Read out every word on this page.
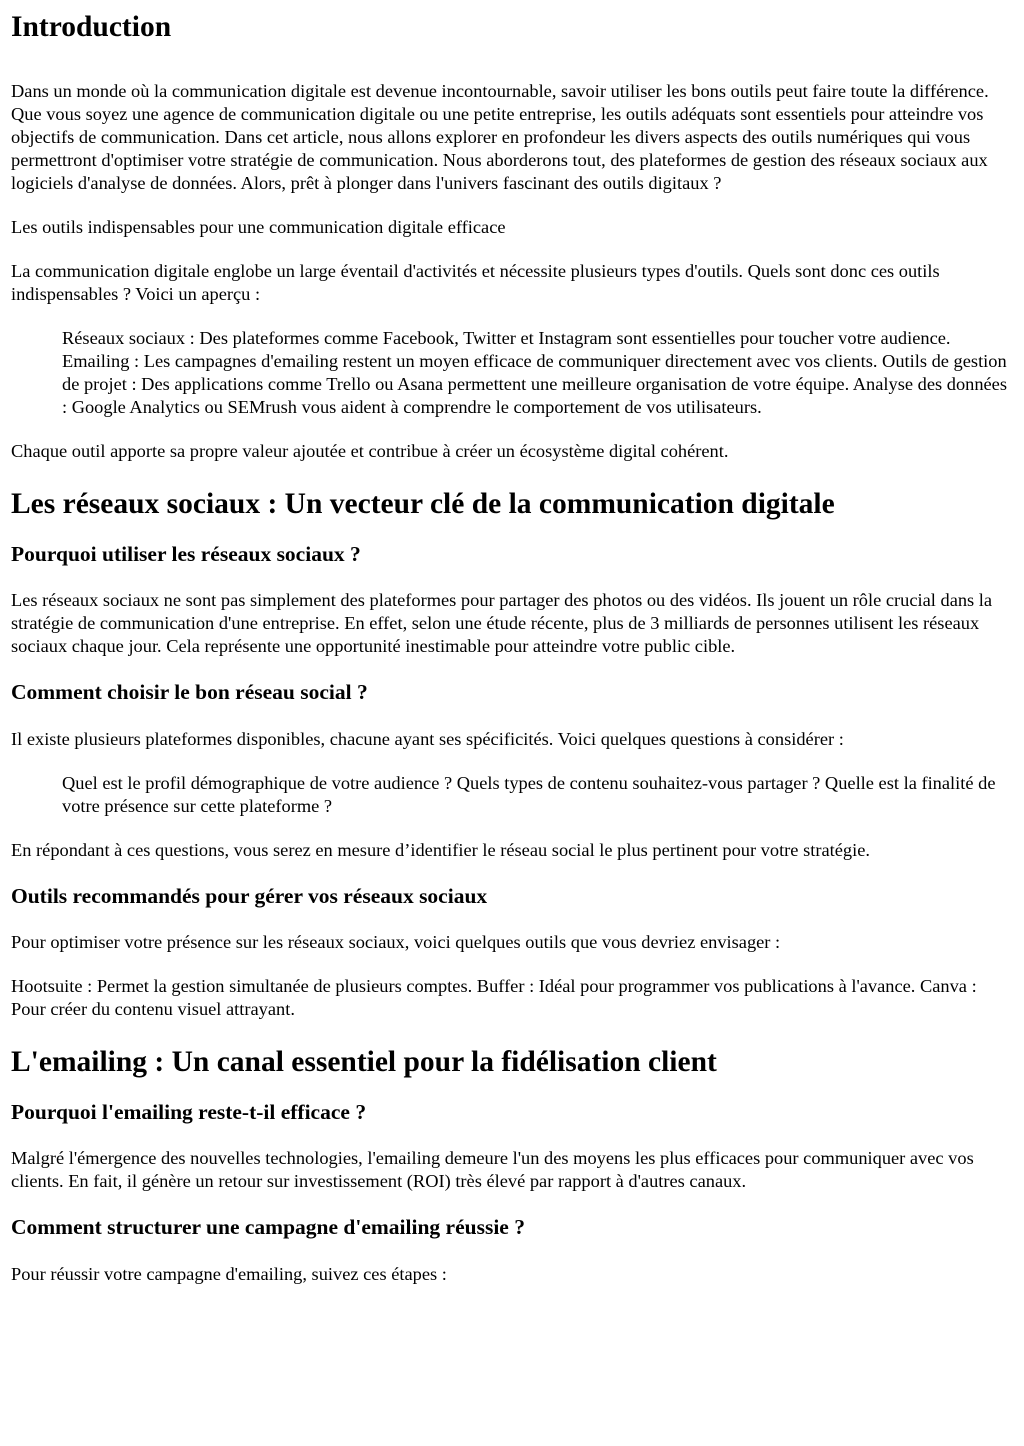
Introduction

Dans un monde où la communication digitale est devenue incontournable, savoir utiliser les bons outils peut faire toute la différence. Que vous soyez une agence de communication digitale ou une petite entreprise, les outils adéquats sont essentiels pour atteindre vos objectifs de communication. Dans cet article, nous allons explorer en profondeur les divers aspects des outils numériques qui vous permettront d'optimiser votre stratégie de communication. Nous aborderons tout, des plateformes de gestion des réseaux sociaux aux logiciels d'analyse de données. Alors, prêt à plonger dans l'univers fascinant des outils digitaux ?

Les outils indispensables pour une communication digitale efficace

La communication digitale englobe un large éventail d'activités et nécessite plusieurs types d'outils. Quels sont donc ces outils indispensables ? Voici un aperçu :

Réseaux sociaux : Des plateformes comme Facebook, Twitter et Instagram sont essentielles pour toucher votre audience. Emailing : Les campagnes d'emailing restent un moyen efficace de communiquer directement avec vos clients. Outils de gestion de projet : Des applications comme Trello ou Asana permettent une meilleure organisation de votre équipe. Analyse des données : Google Analytics ou SEMrush vous aident à comprendre le comportement de vos utilisateurs.

Chaque outil apporte sa propre valeur ajoutée et contribue à créer un écosystème digital cohérent.

Les réseaux sociaux : Un vecteur clé de la communication digitale
Pourquoi utiliser les réseaux sociaux ?

Les réseaux sociaux ne sont pas simplement des plateformes pour partager des photos ou des vidéos. Ils jouent un rôle crucial dans la stratégie de communication d'une entreprise. En effet, selon une étude récente, plus de 3 milliards de personnes utilisent les réseaux sociaux chaque jour. Cela représente une opportunité inestimable pour atteindre votre public cible.

Comment choisir le bon réseau social ?

Il existe plusieurs plateformes disponibles, chacune ayant ses spécificités. Voici quelques questions à considérer :

Quel est le profil démographique de votre audience ? Quels types de contenu souhaitez-vous partager ? Quelle est la finalité de votre présence sur cette plateforme ?

En répondant à ces questions, vous serez en mesure d’identifier le réseau social le plus pertinent pour votre stratégie.

Outils recommandés pour gérer vos réseaux sociaux

Pour optimiser votre présence sur les réseaux sociaux, voici quelques outils que vous devriez envisager :

Hootsuite : Permet la gestion simultanée de plusieurs comptes. Buffer : Idéal pour programmer vos publications à l'avance. Canva : Pour créer du contenu visuel attrayant.

L'emailing : Un canal essentiel pour la fidélisation client
Pourquoi l'emailing reste-t-il efficace ?

Malgré l'émergence des nouvelles technologies, l'emailing demeure l'un des moyens les plus efficaces pour communiquer avec vos clients. En fait, il génère un retour sur investissement (ROI) très élevé par rapport à d'autres canaux.

Comment structurer une campagne d'emailing réussie ?

Pour réussir votre campagne d'emailing, suivez ces étapes :
